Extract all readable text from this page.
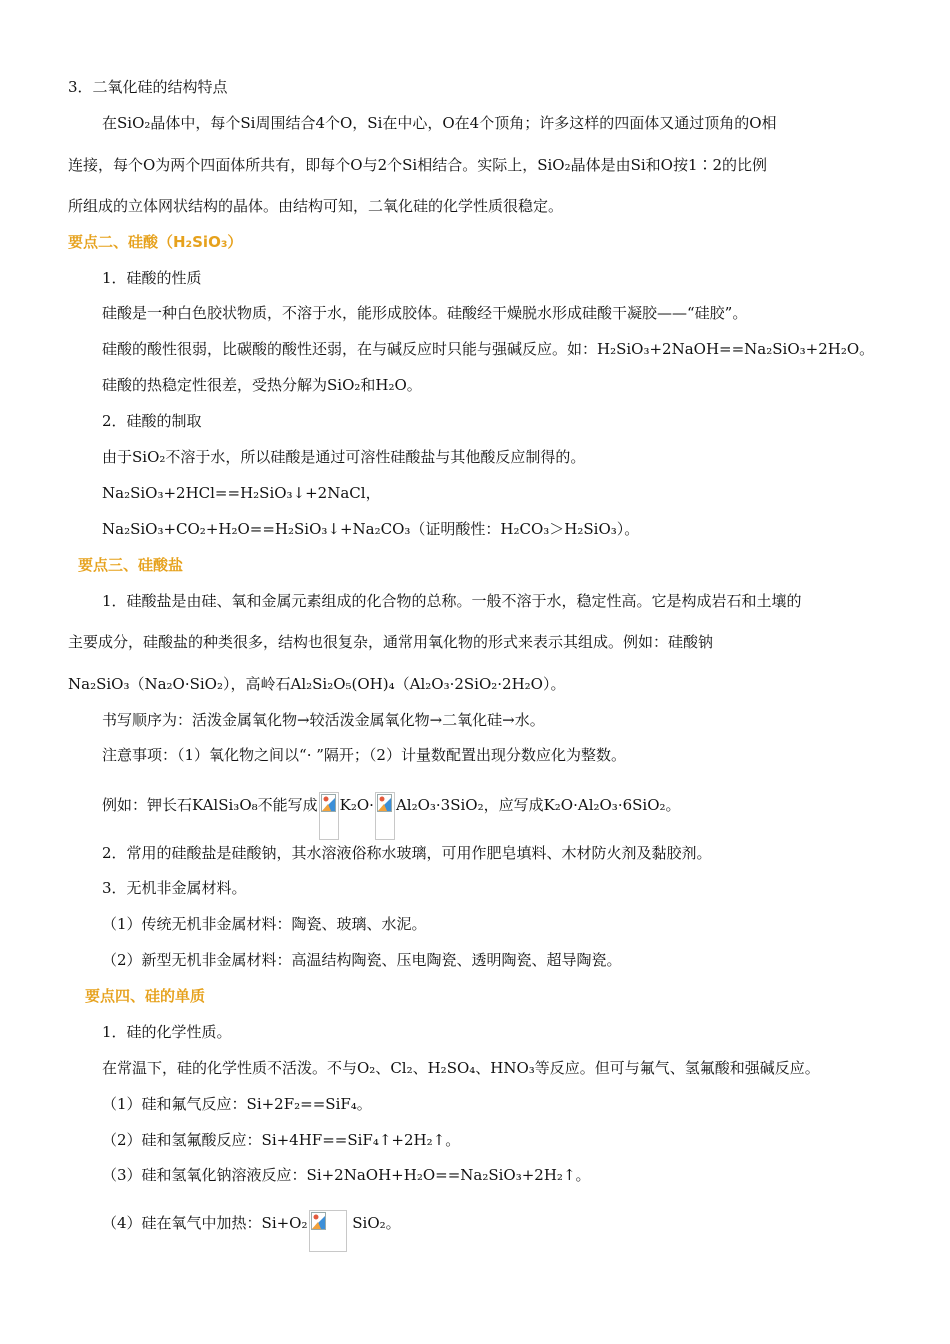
3．二氧化硅的结构特点
在SiO₂晶体中，每个Si周围结合4个O，Si在中心，O在4个顶角；许多这样的四面体又通过顶角的O相
连接，每个O为两个四面体所共有，即每个O与2个Si相结合。实际上，SiO₂晶体是由Si和O按1∶2的比例
所组成的立体网状结构的晶体。由结构可知，二氧化硅的化学性质很稳定。
要点二、硅酸（H₂SiO₃）
1．硅酸的性质
硅酸是一种白色胶状物质，不溶于水，能形成胶体。硅酸经干燥脱水形成硅酸干凝胶——“硅胶”。
硅酸的酸性很弱，比碳酸的酸性还弱，在与碱反应时只能与强碱反应。如：H₂SiO₃+2NaOH==Na₂SiO₃+2H₂O。
硅酸的热稳定性很差，受热分解为SiO₂和H₂O。
2．硅酸的制取
由于SiO₂不溶于水，所以硅酸是通过可溶性硅酸盐与其他酸反应制得的。
Na₂SiO₃+2HCl==H₂SiO₃↓+2NaCl，
Na₂SiO₃+CO₂+H₂O==H₂SiO₃↓+Na₂CO₃（证明酸性：H₂CO₃＞H₂SiO₃）。
要点三、硅酸盐
1．硅酸盐是由硅、氧和金属元素组成的化合物的总称。一般不溶于水，稳定性高。它是构成岩石和土壤的
主要成分，硅酸盐的种类很多，结构也很复杂，通常用氧化物的形式来表示其组成。例如：硅酸钠
Na₂SiO₃（Na₂O·SiO₂），高岭石Al₂Si₂O₅(OH)₄（Al₂O₃·2SiO₂·2H₂O）。
书写顺序为：活泼金属氧化物→较活泼金属氧化物→二氧化硅→水。
注意事项：（1）氧化物之间以“· ”隔开；（2）计量数配置出现分数应化为整数。
例如：钾长石KAlSi₃O₈不能写成 K₂O· Al₂O₃·3SiO₂，应写成K₂O·Al₂O₃·6SiO₂。
2．常用的硅酸盐是硅酸钠，其水溶液俗称水玻璃，可用作肥皂填料、木材防火剂及黏胶剂。
3．无机非金属材料。
（1）传统无机非金属材料：陶瓷、玻璃、水泥。
（2）新型无机非金属材料：高温结构陶瓷、压电陶瓷、透明陶瓷、超导陶瓷。
要点四、硅的单质
1．硅的化学性质。
在常温下，硅的化学性质不活泼。不与O₂、Cl₂、H₂SO₄、HNO₃等反应。但可与氟气、氢氟酸和强碱反应。
（1）硅和氟气反应：Si+2F₂==SiF₄。
（2）硅和氢氟酸反应：Si+4HF==SiF₄↑+2H₂↑。
（3）硅和氢氧化钠溶液反应：Si+2NaOH+H₂O==Na₂SiO₃+2H₂↑。
（4）硅在氧气中加热：Si+O₂	SiO₂。
